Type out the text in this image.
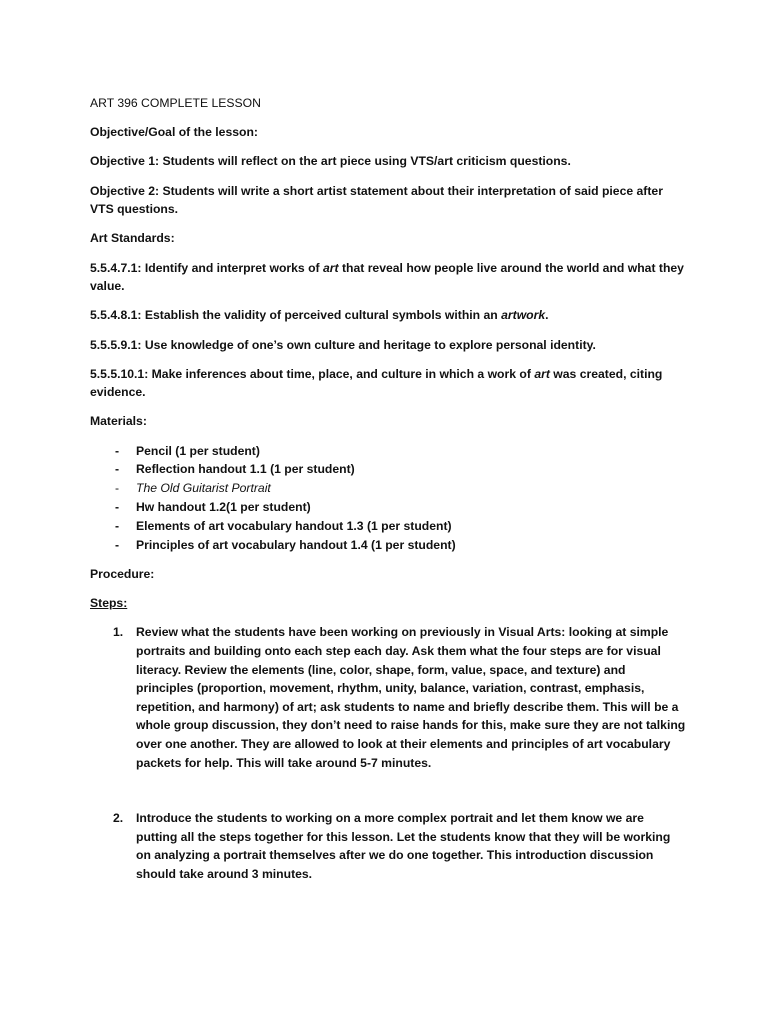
ART 396 COMPLETE LESSON

Objective/Goal of the lesson:

Objective 1: Students will reflect on the art piece using VTS/art criticism questions.

Objective 2: Students will write a short artist statement about their interpretation of said piece after VTS questions.

Art Standards:

5.5.4.7.1: Identify and interpret works of art that reveal how people live around the world and what they value.

5.5.4.8.1: Establish the validity of perceived cultural symbols within an artwork.

5.5.5.9.1: Use knowledge of one’s own culture and heritage to explore personal identity.

5.5.5.10.1: Make inferences about time, place, and culture in which a work of art was created, citing evidence.

Materials:

- Pencil (1 per student)
- Reflection handout 1.1 (1 per student)
- The Old Guitarist Portrait
- Hw handout 1.2(1 per student)
- Elements of art vocabulary handout 1.3 (1 per student)
- Principles of art vocabulary handout 1.4 (1 per student)

Procedure:

Steps:

1. Review what the students have been working on previously in Visual Arts: looking at simple portraits and building onto each step each day. Ask them what the four steps are for visual literacy. Review the elements (line, color, shape, form, value, space, and texture) and principles (proportion, movement, rhythm, unity, balance, variation, contrast, emphasis, repetition, and harmony) of art; ask students to name and briefly describe them. This will be a whole group discussion, they don’t need to raise hands for this, make sure they are not talking over one another. They are allowed to look at their elements and principles of art vocabulary packets for help. This will take around 5-7 minutes.
2. Introduce the students to working on a more complex portrait and let them know we are putting all the steps together for this lesson. Let the students know that they will be working on analyzing a portrait themselves after we do one together. This introduction discussion should take around 3 minutes.
